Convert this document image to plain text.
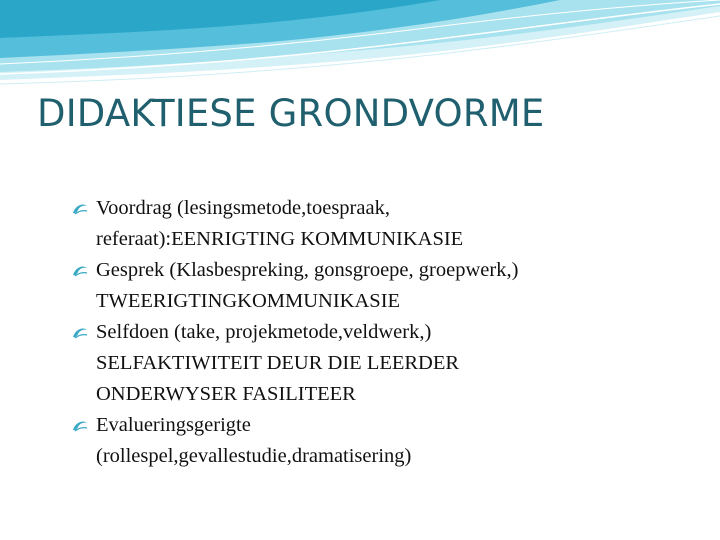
DIDAKTIESE GRONDVORME
Voordrag (lesingsmetode,toespraak,
referaat):EENRIGTING KOMMUNIKASIE
Gesprek (Klasbespreking, gonsgroepe, groepwerk,)
TWEERIGTINGKOMMUNIKASIE
Selfdoen (take, projekmetode,veldwerk,)
SELFAKTIWITEIT DEUR DIE LEERDER
ONDERWYSER FASILITEER
Evalueringsgerigte
(rollespel,gevallestudie,dramatisering)
